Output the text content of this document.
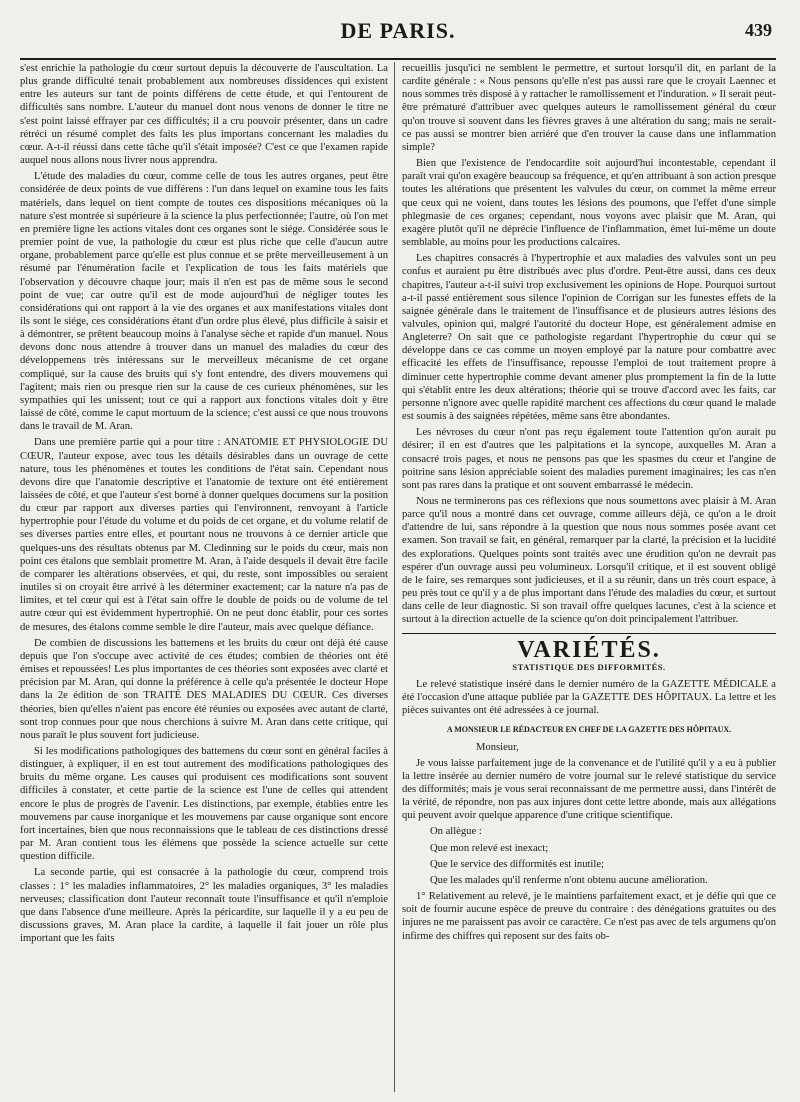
DE PARIS.	439

s'est enrichie la pathologie du cœur surtout depuis la découverte de l'auscultation. La plus grande difficulté tenait probablement aux nombreuses dissidences qui existent entre les auteurs sur tant de points différens de cette étude, et qui l'entourent de difficultés sans nombre. L'auteur du manuel dont nous venons de donner le titre ne s'est point laissé effrayer par ces difficultés; il a cru pouvoir présenter, dans un cadre rétréci un résumé complet des faits les plus importans concernant les maladies du cœur. A-t-il réussi dans cette tâche qu'il s'était imposée? C'est ce que l'examen rapide auquel nous allons nous livrer nous apprendra.

L'étude des maladies du cœur, comme celle de tous les autres organes, peut être considérée de deux points de vue différens : l'un dans lequel on examine tous les faits matériels, dans lequel on tient compte de toutes ces dispositions mécaniques où la nature s'est montrée si supérieure à la science la plus perfectionnée; l'autre, où l'on met en première ligne les actions vitales dont ces organes sont le siége. Considérée sous le premier point de vue, la pathologie du cœur est plus riche que celle d'aucun autre organe, probablement parce qu'elle est plus connue et se prête merveilleusement à un résumé par l'énumération facile et l'explication de tous les faits matériels que l'observation y découvre chaque jour; mais il n'en est pas de même sous le second point de vue; car outre qu'il est de mode aujourd'hui de négliger toutes les considérations qui ont rapport à la vie des organes et aux manifestations vitales dont ils sont le siége, ces considérations étant d'un ordre plus élevé, plus difficile à saisir et à démontrer, se prêtent beaucoup moins à l'analyse sèche et rapide d'un manuel. Nous devons donc nous attendre à trouver dans un manuel des maladies du cœur des développemens très intéressans sur le merveilleux mécanisme de cet organe compliqué, sur la cause des bruits qui s'y font entendre, des divers mouvemens qui l'agitent; mais rien ou presque rien sur la cause de ces curieux phénomènes, sur les sympathies qui les unissent; tout ce qui a rapport aux fonctions vitales doit y être laissé de côté, comme le caput mortuum de la science; c'est aussi ce que nous trouvons dans le travail de M. Aran.

Dans une première partie qui a pour titre : ANATOMIE ET PHYSIOLOGIE DU CŒUR, l'auteur expose, avec tous les détails désirables dans un ouvrage de cette nature, tous les phénomènes et toutes les conditions de l'état sain. Cependant nous devons dire que l'anatomie descriptive et l'anatomie de texture ont été entièrement laissées de côté, et que l'auteur s'est borné à donner quelques documens sur la position du cœur par rapport aux diverses parties qui l'environnent, renvoyant à l'article hypertrophie pour l'étude du volume et du poids de cet organe, et du volume relatif de ses diverses parties entre elles, et pourtant nous ne trouvons à ce dernier article que quelques-uns des résultats obtenus par M. Cledinning sur le poids du cœur, mais non point ces étalons que semblait promettre M. Aran, à l'aide desquels il devait être facile de comparer les altérations observées, et qui, du reste, sont impossibles ou seraient inutiles si on croyait être arrivé à les déterminer exactement; car la nature n'a pas de limites, et tel cœur qui est à l'état sain offre le double de poids ou de volume de tel autre cœur qui est évidemment hypertrophié. On ne peut donc établir, pour ces sortes de mesures, des étalons comme semble le dire l'auteur, mais avec quelque défiance.

De combien de discussions les battemens et les bruits du cœur ont déjà été cause depuis que l'on s'occupe avec activité de ces études; combien de théories ont été émises et repoussées! Les plus importantes de ces théories sont exposées avec clarté et précision par M. Aran, qui donne la préférence à celle qu'a présentée le docteur Hope dans la 2e édition de son TRAITÉ DES MALADIES DU CŒUR. Ces diverses théories, bien qu'elles n'aient pas encore été réunies ou exposées avec autant de clarté, sont trop connues pour que nous cherchions à suivre M. Aran dans cette critique, qui nous paraît le plus souvent fort judicieuse.

Si les modifications pathologiques des battemens du cœur sont en général faciles à distinguer, à expliquer, il en est tout autrement des modifications pathologiques des bruits du même organe. Les causes qui produisent ces modifications sont souvent difficiles à constater, et cette partie de la science est l'une de celles qui attendent encore le plus de progrès de l'avenir. Les distinctions, par exemple, établies entre les mouvemens par cause inorganique et les mouvemens par cause organique sont encore fort incertaines, bien que nous reconnaissions que le tableau de ces distinctions dressé par M. Aran contient tous les élémens que possède la science actuelle sur cette question difficile.

La seconde partie, qui est consacrée à la pathologie du cœur, comprend trois classes : 1° les maladies inflammatoires, 2° les maladies organiques, 3° les maladies nerveuses; classification dont l'auteur reconnaît toute l'insuffisance et qu'il n'emploie que dans l'absence d'une meilleure. Après la péricardite, sur laquelle il y a eu peu de discussions graves, M. Aran place la cardite, à laquelle il fait jouer un rôle plus important que les faits

recueillis jusqu'ici ne semblent le permettre, et surtout lorsqu'il dit, en parlant de la cardite générale : « Nous pensons qu'elle n'est pas aussi rare que le croyait Laennec et nous sommes très disposé à y rattacher le ramollissement et l'induration. » Il serait peut-être prématuré d'attribuer avec quelques auteurs le ramollissement général du cœur qu'on trouve si souvent dans les fièvres graves à une altération du sang; mais ne serait-ce pas aussi se montrer bien arriéré que d'en trouver la cause dans une inflammation simple?

Bien que l'existence de l'endocardite soit aujourd'hui incontestable, cependant il paraît vrai qu'on exagère beaucoup sa fréquence, et qu'en attribuant à son action presque toutes les altérations que présentent les valvules du cœur, on commet la même erreur que ceux qui ne voient, dans toutes les lésions des poumons, que l'effet d'une simple phlegmasie de ces organes; cependant, nous voyons avec plaisir que M. Aran, qui exagère plutôt qu'il ne déprécie l'influence de l'inflammation, émet lui-même un doute semblable, au moins pour les productions calcaires.

Les chapitres consacrés à l'hypertrophie et aux maladies des valvules sont un peu confus et auraient pu être distribués avec plus d'ordre. Peut-être aussi, dans ces deux chapitres, l'auteur a-t-il suivi trop exclusivement les opinions de Hope. Pourquoi surtout a-t-il passé entièrement sous silence l'opinion de Corrigan sur les funestes effets de la saignée générale dans le traitement de l'insuffisance et de plusieurs autres lésions des valvules, opinion qui, malgré l'autorité du docteur Hope, est généralement admise en Angleterre? On sait que ce pathologiste regardant l'hypertrophie du cœur qui se développe dans ce cas comme un moyen employé par la nature pour combattre avec efficacité les effets de l'insuffisance, repousse l'emploi de tout traitement propre à diminuer cette hypertrophie comme devant amener plus promptement la fin de la lutte qui s'établit entre les deux altérations; théorie qui se trouve d'accord avec les faits, car personne n'ignore avec quelle rapidité marchent ces affections du cœur quand le malade est soumis à des saignées répétées, même sans être abondantes.

Les névroses du cœur n'ont pas reçu également toute l'attention qu'on aurait pu désirer; il en est d'autres que les palpitations et la syncope, auxquelles M. Aran a consacré trois pages, et nous ne pensons pas que les spasmes du cœur et l'angine de poitrine sans lésion appréciable soient des maladies purement imaginaires; les cas n'en sont pas rares dans la pratique et ont souvent embarrassé le médecin.

Nous ne terminerons pas ces réflexions que nous soumettons avec plaisir à M. Aran parce qu'il nous a montré dans cet ouvrage, comme ailleurs déjà, ce qu'on a le droit d'attendre de lui, sans répondre à la question que nous nous sommes posée avant cet examen. Son travail se fait, en général, remarquer par la clarté, la précision et la lucidité des explorations. Quelques points sont traités avec une érudition qu'on ne devrait pas espérer d'un ouvrage aussi peu volumineux. Lorsqu'il critique, et il est souvent obligé de le faire, ses remarques sont judicieuses, et il a su réunir, dans un très court espace, à peu près tout ce qu'il y a de plus important dans l'étude des maladies du cœur, et surtout dans celle de leur diagnostic. Si son travail offre quelques lacunes, c'est à la science et surtout à la direction actuelle de la science qu'on doit principalement l'attribuer.

VARIÉTÉS.
STATISTIQUE DES DIFFORMITÉS.

Le relevé statistique inséré dans le dernier numéro de la GAZETTE MÉDICALE a été l'occasion d'une attaque publiée par la GAZETTE DES HÔPITAUX. La lettre et les pièces suivantes ont été adressées à ce journal.

A MONSIEUR LE RÉDACTEUR EN CHEF DE LA GAZETTE DES HÔPITAUX.

Monsieur,

Je vous laisse parfaitement juge de la convenance et de l'utilité qu'il y a eu à publier la lettre insérée au dernier numéro de votre journal sur le relevé statistique du service des difformités; mais je vous serai reconnaissant de me permettre aussi, dans l'intérêt de la vérité, de répondre, non pas aux injures dont cette lettre abonde, mais aux allégations qui peuvent avoir quelque apparence d'une critique scientifique.

On allègue :

Que mon relevé est inexact;

Que le service des difformités est inutile;

Que les malades qu'il renferme n'ont obtenu aucune amélioration.

1° Relativement au relevé, je le maintiens parfaitement exact, et je défie qui que ce soit de fournir aucune espèce de preuve du contraire : des dénégations gratuites ou des injures ne me paraissent pas avoir ce caractère. Ce n'est pas avec de tels argumens qu'on infirme des chiffres qui reposent sur des faits ob-
